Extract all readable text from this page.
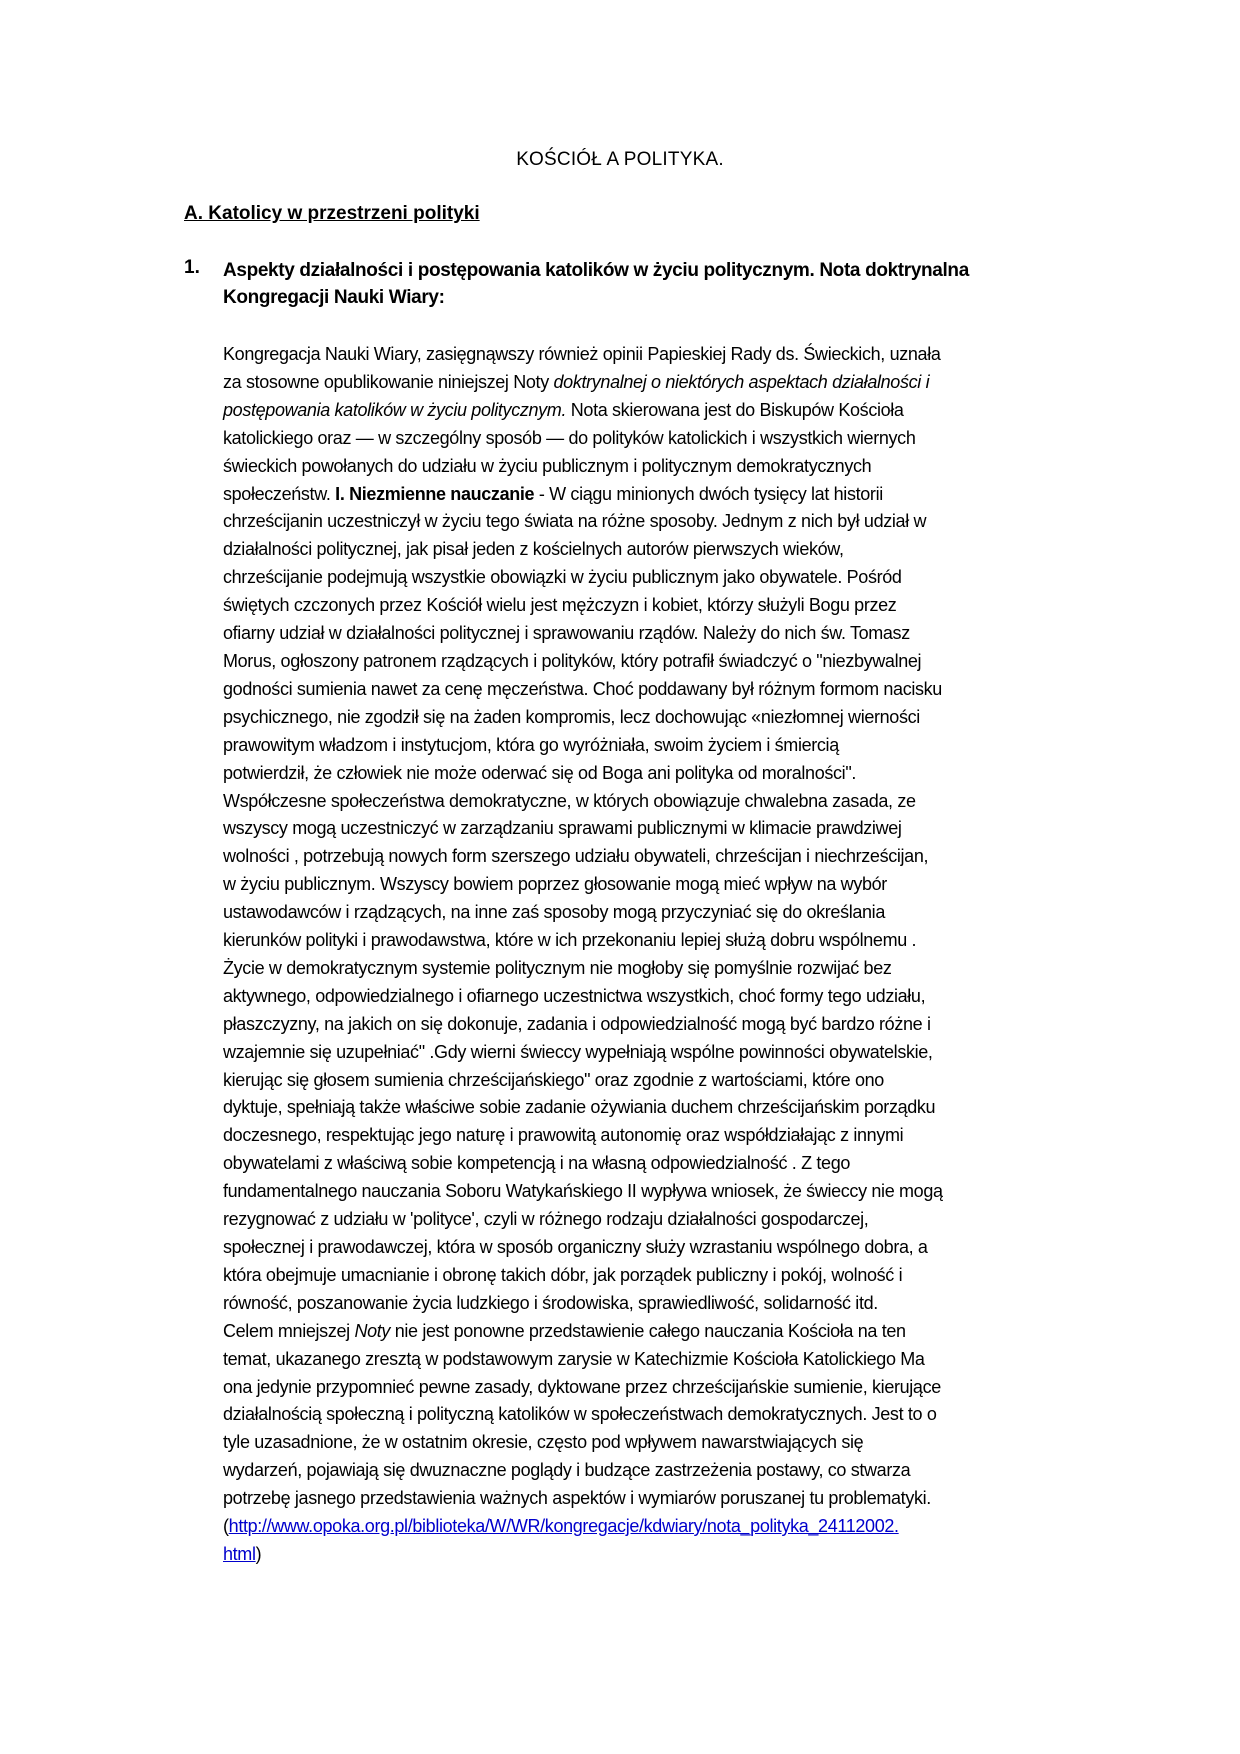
KOŚCIÓŁ A POLITYKA.
A. Katolicy w przestrzeni polityki
1. Aspekty działalności i postępowania katolików w życiu politycznym. Nota doktrynalna
Kongregacji Nauki Wiary:
Kongregacja Nauki Wiary, zasięgnąwszy również opinii Papieskiej Rady ds. Świeckich, uznała
za stosowne opublikowanie niniejszej Noty doktrynalnej o niektórych aspektach działalności i
postępowania katolików w życiu politycznym. Nota skierowana jest do Biskupów Kościoła
katolickiego oraz — w szczególny sposób — do polityków katolickich i wszystkich wiernych
świeckich powołanych do udziału w życiu publicznym i politycznym demokratycznych
społeczeństw. I. Niezmienne nauczanie - W ciągu minionych dwóch tysięcy lat historii
chrześcijanin uczestniczył w życiu tego świata na różne sposoby. Jednym z nich był udział w
działalności politycznej, jak pisał jeden z kościelnych autorów pierwszych wieków,
chrześcijanie podejmują wszystkie obowiązki w życiu publicznym jako obywatele. Pośród
świętych czczonych przez Kościół wielu jest mężczyzn i kobiet, którzy służyli Bogu przez
ofiarny udział w działalności politycznej i sprawowaniu rządów. Należy do nich św. Tomasz
Morus, ogłoszony patronem rządzących i polityków, który potrafił świadczyć o "niezbywalnej
godności sumienia nawet za cenę męczeństwa. Choć poddawany był różnym formom nacisku
psychicznego, nie zgodził się na żaden kompromis, lecz dochowując «niezłomnej wierności
prawowitym władzom i instytucjom, która go wyróżniała, swoim życiem i śmiercią
potwierdził, że człowiek nie może oderwać się od Boga ani polityka od moralności".
Współczesne społeczeństwa demokratyczne, w których obowiązuje chwalebna zasada, ze
wszyscy mogą uczestniczyć w zarządzaniu sprawami publicznymi w klimacie prawdziwej
wolności , potrzebują nowych form szerszego udziału obywateli, chrześcijan i niechrześcijan,
w życiu publicznym. Wszyscy bowiem poprzez głosowanie mogą mieć wpływ na wybór
ustawodawców i rządzących, na inne zaś sposoby mogą przyczyniać się do określania
kierunków polityki i prawodawstwa, które w ich przekonaniu lepiej służą dobru wspólnemu .
Życie w demokratycznym systemie politycznym nie mogłoby się pomyślnie rozwijać bez
aktywnego, odpowiedzialnego i ofiarnego uczestnictwa wszystkich, choć formy tego udziału,
płaszczyzny, na jakich on się dokonuje, zadania i odpowiedzialność mogą być bardzo różne i
wzajemnie się uzupełniać" .Gdy wierni świeccy wypełniają wspólne powinności obywatelskie,
kierując się głosem sumienia chrześcijańskiego" oraz zgodnie z wartościami, które ono
dyktuje, spełniają także właściwe sobie zadanie ożywiania duchem chrześcijańskim porządku
doczesnego, respektując jego naturę i prawowitą autonomię oraz współdziałając z innymi
obywatelami z właściwą sobie kompetencją i na własną odpowiedzialność . Z tego
fundamentalnego nauczania Soboru Watykańskiego II wypływa wniosek, że świeccy nie mogą
rezygnować z udziału w 'polityce', czyli w różnego rodzaju działalności gospodarczej,
społecznej i prawodawczej, która w sposób organiczny służy wzrastaniu wspólnego dobra, a
która obejmuje umacnianie i obronę takich dóbr, jak porządek publiczny i pokój, wolność i
równość, poszanowanie życia ludzkiego i środowiska, sprawiedliwość, solidarność itd.
Celem mniejszej Noty nie jest ponowne przedstawienie całego nauczania Kościoła na ten
temat, ukazanego zresztą w podstawowym zarysie w Katechizmie Kościoła Katolickiego Ma
ona jedynie przypomnieć pewne zasady, dyktowane przez chrześcijańskie sumienie, kierujące
działalnością społeczną i polityczną katolików w społeczeństwach demokratycznych. Jest to o
tyle uzasadnione, że w ostatnim okresie, często pod wpływem nawarstwiających się
wydarzeń, pojawiają się dwuznaczne poglądy i budzące zastrzeżenia postawy, co stwarza
potrzebę jasnego przedstawienia ważnych aspektów i wymiarów poruszanej tu problematyki.
(http://www.opoka.org.pl/biblioteka/W/WR/kongregacje/kdwiary/nota_polityka_24112002.
html)
